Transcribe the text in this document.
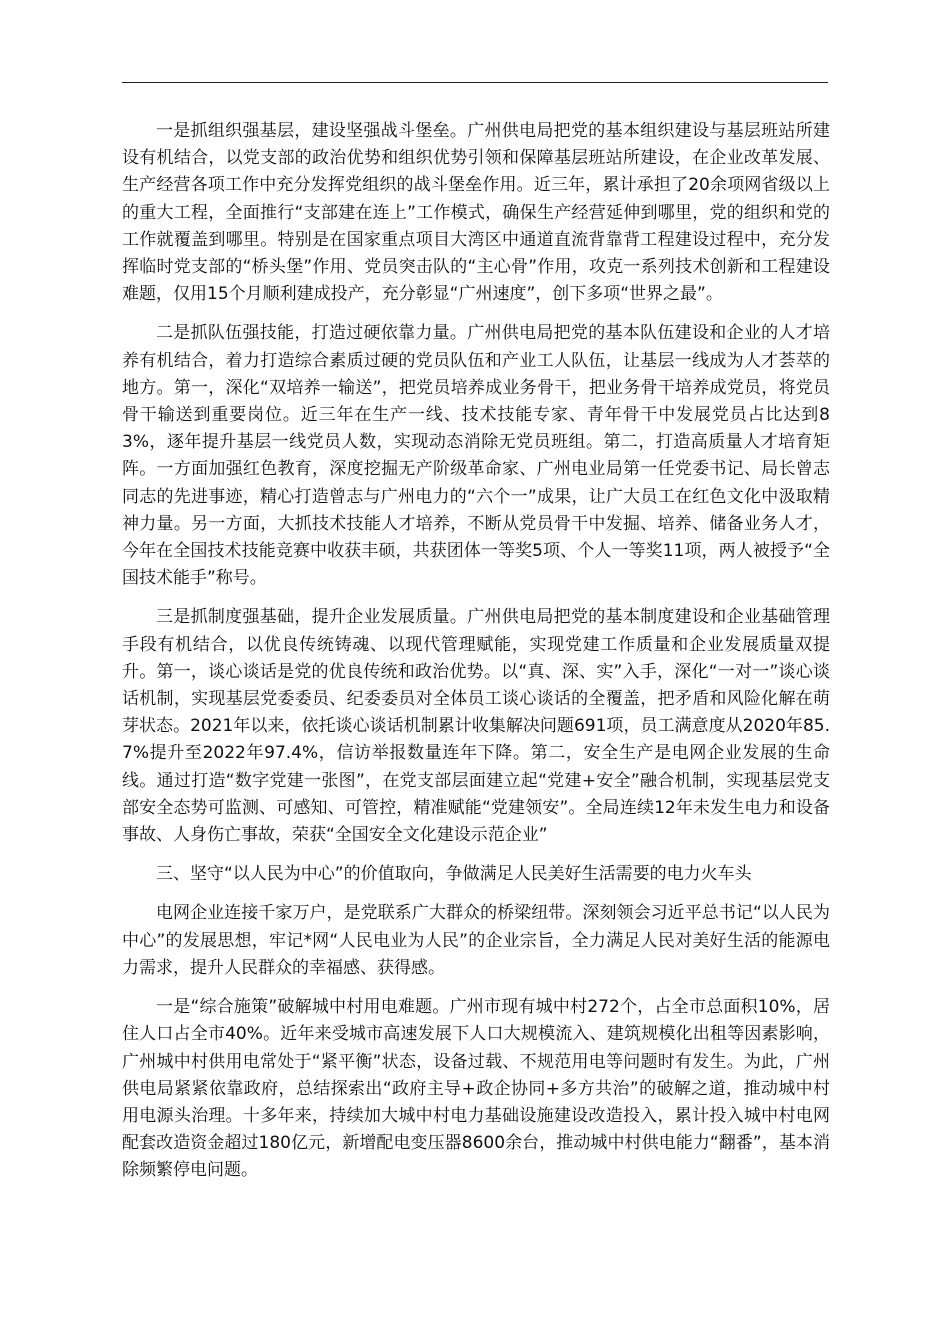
一是抓组织强基层，建设坚强战斗堡垒。广州供电局把党的基本组织建设与基层班站所建设有机结合，以党支部的政治优势和组织优势引领和保障基层班站所建设，在企业改革发展、生产经营各项工作中充分发挥党组织的战斗堡垒作用。近三年，累计承担了20余项网省级以上的重大工程，全面推行“支部建在连上”工作模式，确保生产经营延伸到哪里，党的组织和党的工作就覆盖到哪里。特别是在国家重点项目大湾区中通道直流背靠背工程建设过程中，充分发挥临时党支部的“桥头堡”作用、党员突击队的“主心骨”作用，攻克一系列技术创新和工程建设难题，仅用15个月顺利建成投产，充分彰显“广州速度”，创下多项“世界之最”。

二是抓队伍强技能，打造过硬依靠力量。广州供电局把党的基本队伍建设和企业的人才培养有机结合，着力打造综合素质过硬的党员队伍和产业工人队伍，让基层一线成为人才荟萃的地方。第一，深化“双培养一输送”，把党员培养成业务骨干，把业务骨干培养成党员，将党员骨干输送到重要岗位。近三年在生产一线、技术技能专家、青年骨干中发展党员占比达到83%，逐年提升基层一线党员人数，实现动态消除无党员班组。第二，打造高质量人才培育矩阵。一方面加强红色教育，深度挖掘无产阶级革命家、广州电业局第一任党委书记、局长曾志同志的先进事迹，精心打造曾志与广州电力的“六个一”成果，让广大员工在红色文化中汲取精神力量。另一方面，大抓技术技能人才培养，不断从党员骨干中发掘、培养、储备业务人才，今年在全国技术技能竞赛中收获丰硕，共获团体一等奖5项、个人一等奖11项，两人被授予“全国技术能手”称号。

三是抓制度强基础，提升企业发展质量。广州供电局把党的基本制度建设和企业基础管理手段有机结合，以优良传统铸魂、以现代管理赋能，实现党建工作质量和企业发展质量双提升。第一，谈心谈话是党的优良传统和政治优势。以“真、深、实”入手，深化“一对一”谈心谈话机制，实现基层党委委员、纪委委员对全体员工谈心谈话的全覆盖，把矛盾和风险化解在萌芽状态。2021年以来，依托谈心谈话机制累计收集解决问题691项，员工满意度从2020年85.7%提升至2022年97.4%，信访举报数量连年下降。第二，安全生产是电网企业发展的生命线。通过打造“数字党建一张图”，在党支部层面建立起“党建+安全”融合机制，实现基层党支部安全态势可监测、可感知、可管控，精准赋能“党建领安”。全局连续12年未发生电力和设备事故、人身伤亡事故，荣获“全国安全文化建设示范企业”

三、坚守“以人民为中心”的价值取向，争做满足人民美好生活需要的电力火车头

电网企业连接千家万户，是党联系广大群众的桥梁纽带。深刻领会习近平总书记“以人民为中心”的发展思想，牢记*网“人民电业为人民”的企业宗旨，全力满足人民对美好生活的能源电力需求，提升人民群众的幸福感、获得感。

一是“综合施策”破解城中村用电难题。广州市现有城中村272个，占全市总面积10%，居住人口占全市40%。近年来受城市高速发展下人口大规模流入、建筑规模化出租等因素影响，广州城中村供用电常处于“紧平衡”状态，设备过载、不规范用电等问题时有发生。为此，广州供电局紧紧依靠政府，总结探索出“政府主导+政企协同+多方共治”的破解之道，推动城中村用电源头治理。十多年来，持续加大城中村电力基础设施建设改造投入，累计投入城中村电网配套改造资金超过180亿元，新增配电变压器8600余台，推动城中村供电能力“翻番”，基本消除频繁停电问题。
